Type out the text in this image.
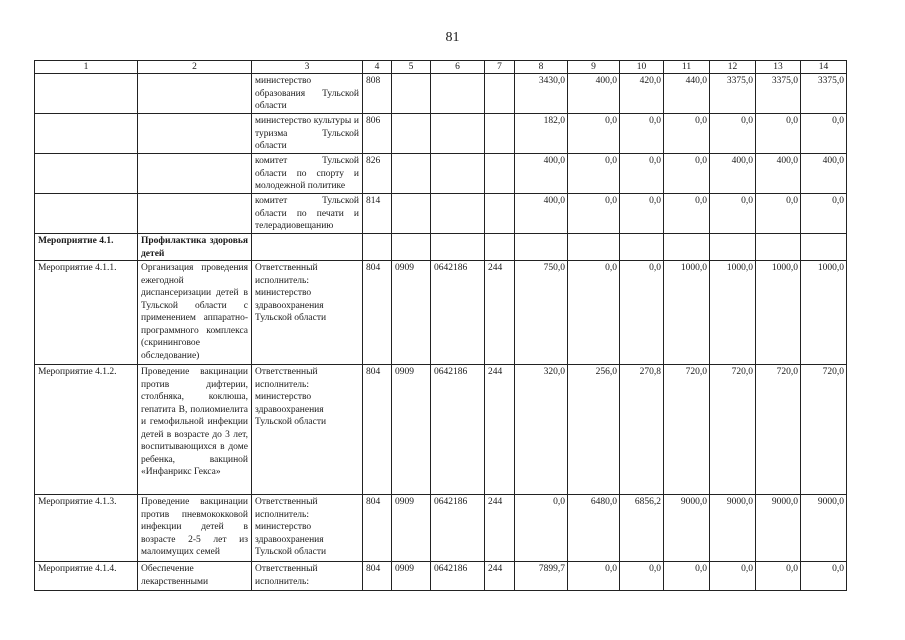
81
1	2	3	4	5	6	7	8	9	10	11	12	13	14
		министерство образования Тульской области	808				3430,0	400,0	420,0	440,0	3375,0	3375,0	3375,0
		министерство культуры и туризма Тульской области	806				182,0	0,0	0,0	0,0	0,0	0,0	0,0
		комитет Тульской области по спорту и молодежной политике	826				400,0	0,0	0,0	0,0	400,0	400,0	400,0
		комитет Тульской области по печати и телерадиовещанию	814				400,0	0,0	0,0	0,0	0,0	0,0	0,0
Мероприятие 4.1.	Профилактика здоровья детей												
Мероприятие 4.1.1.	Организация проведения ежегодной диспансеризации детей в Тульской области с применением аппаратно-программного комплекса (скрининговое обследование)	Ответственный исполнитель: министерство здравоохранения Тульской области	804	0909	0642186	244	750,0	0,0	0,0	1000,0	1000,0	1000,0	1000,0
Мероприятие 4.1.2.	Проведение вакцинации против дифтерии, столбняка, коклюша, гепатита В, полиомиелита и гемофильной инфекции детей в возрасте до 3 лет, воспитывающихся в доме ребенка, вакциной «Инфанрикс Гекса»	Ответственный исполнитель: министерство здравоохранения Тульской области	804	0909	0642186	244	320,0	256,0	270,8	720,0	720,0	720,0	720,0
Мероприятие 4.1.3.	Проведение вакцинации против пневмококковой инфекции детей в возрасте 2-5 лет из малоимущих семей	Ответственный исполнитель: министерство здравоохранения Тульской области	804	0909	0642186	244	0,0	6480,0	6856,2	9000,0	9000,0	9000,0	9000,0
Мероприятие 4.1.4.	Обеспечение лекарственными	Ответственный исполнитель:	804	0909	0642186	244	7899,7	0,0	0,0	0,0	0,0	0,0	0,0
